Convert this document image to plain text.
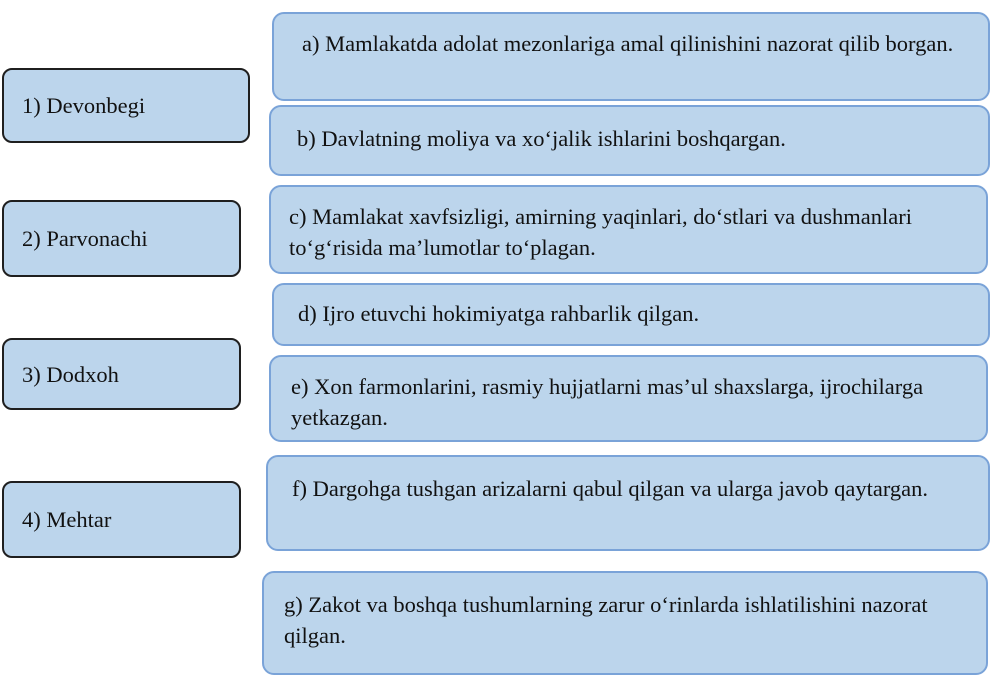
1) Devonbegi
2) Parvonachi
3) Dodxoh
4) Mehtar
a) Mamlakatda adolat mezonlariga amal qilinishini nazorat qilib borgan.
b) Davlatning moliya va xo‘jalik ishlarini boshqargan.
c) Mamlakat xavfsizligi, amirning yaqinlari, do‘stlari va dushmanlari to‘g‘risida ma’lumotlar to‘plagan.
d) Ijro etuvchi hokimiyatga rahbarlik qilgan.
e) Xon farmonlarini, rasmiy hujjatlarni mas’ul shaxslarga, ijrochilarga yetkazgan.
f) Dargohga tushgan arizalarni qabul qilgan va ularga javob qaytargan.
g) Zakot va boshqa tushumlarning zarur o‘rinlarda ishlatilishini nazorat qilgan.
